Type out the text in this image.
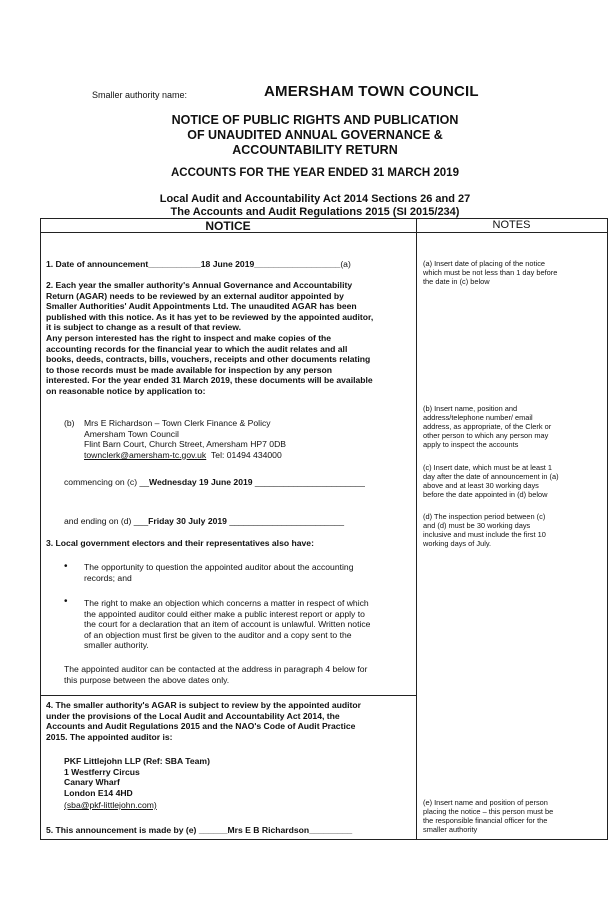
Smaller authority name:	AMERSHAM TOWN COUNCIL
NOTICE OF PUBLIC RIGHTS AND PUBLICATION
OF UNAUDITED ANNUAL GOVERNANCE &
ACCOUNTABILITY RETURN
ACCOUNTS FOR THE YEAR ENDED 31 MARCH 2019
Local Audit and Accountability Act 2014 Sections 26 and 27
The Accounts and Audit Regulations 2015 (SI 2015/234)
NOTICE	NOTES
1. Date of announcement___________18 June 2019__________________(a)
2. Each year the smaller authority's Annual Governance and Accountability
Return (AGAR) needs to be reviewed by an external auditor appointed by
Smaller Authorities' Audit Appointments Ltd. The unaudited AGAR has been
published with this notice. As it has yet to be reviewed by the appointed auditor,
it is subject to change as a result of that review.
Any person interested has the right to inspect and make copies of the
accounting records for the financial year to which the audit relates and all
books, deeds, contracts, bills, vouchers, receipts and other documents relating
to those records must be made available for inspection by any person
interested. For the year ended 31 March 2019, these documents will be available
on reasonable notice by application to:
(b) Mrs E Richardson – Town Clerk Finance & Policy
Amersham Town Council
Flint Barn Court, Church Street, Amersham HP7 0DB
townclerk@amersham-tc.gov.uk Tel: 01494 434000
commencing on (c) __Wednesday 19 June 2019 _______________________
and ending on (d) ___Friday 30 July 2019 ________________________
3. Local government electors and their representatives also have:
• The opportunity to question the appointed auditor about the accounting
records; and
• The right to make an objection which concerns a matter in respect of which
the appointed auditor could either make a public interest report or apply to
the court for a declaration that an item of account is unlawful. Written notice
of an objection must first be given to the auditor and a copy sent to the
smaller authority.
The appointed auditor can be contacted at the address in paragraph 4 below for
this purpose between the above dates only.
4. The smaller authority's AGAR is subject to review by the appointed auditor
under the provisions of the Local Audit and Accountability Act 2014, the
Accounts and Audit Regulations 2015 and the NAO's Code of Audit Practice
2015. The appointed auditor is:
PKF Littlejohn LLP (Ref: SBA Team)
1 Westferry Circus
Canary Wharf
London E14 4HD
(sba@pkf-littlejohn.com)
5. This announcement is made by (e) ______Mrs E B Richardson_________
(a) Insert date of placing of the notice
which must be not less than 1 day before
the date in (c) below
(b) Insert name, position and
address/telephone number/ email
address, as appropriate, of the Clerk or
other person to which any person may
apply to inspect the accounts
(c) Insert date, which must be at least 1
day after the date of announcement in (a)
above and at least 30 working days
before the date appointed in (d) below
(d) The inspection period between (c)
and (d) must be 30 working days
inclusive and must include the first 10
working days of July.
(e) Insert name and position of person
placing the notice – this person must be
the responsible financial officer for the
smaller authority
